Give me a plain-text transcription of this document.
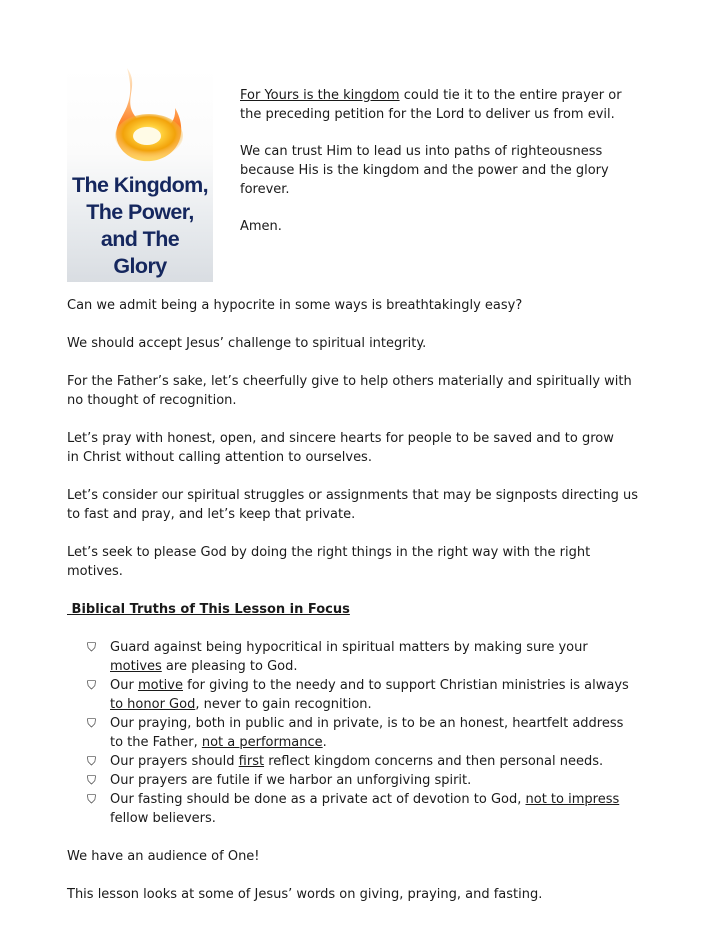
The Kingdom,
The Power,
and The
Glory

For Yours is the kingdom could tie it to the entire prayer or
the preceding petition for the Lord to deliver us from evil.

We can trust Him to lead us into paths of righteousness
because His is the kingdom and the power and the glory
forever.

Amen.

Can we admit being a hypocrite in some ways is breathtakingly easy?

We should accept Jesus’ challenge to spiritual integrity.

For the Father’s sake, let’s cheerfully give to help others materially and spiritually with
no thought of recognition.

Let’s pray with honest, open, and sincere hearts for people to be saved and to grow
in Christ without calling attention to ourselves.

Let’s consider our spiritual struggles or assignments that may be signposts directing us
to fast and pray, and let’s keep that private.

Let’s seek to please God by doing the right things in the right way with the right
motives.

Biblical Truths of This Lesson in Focus

⛉ Guard against being hypocritical in spiritual matters by making sure your
motives are pleasing to God.
⛉ Our motive for giving to the needy and to support Christian ministries is always
to honor God, never to gain recognition.
⛉ Our praying, both in public and in private, is to be an honest, heartfelt address
to the Father, not a performance.
⛉ Our prayers should first reflect kingdom concerns and then personal needs.
⛉ Our prayers are futile if we harbor an unforgiving spirit.
⛉ Our fasting should be done as a private act of devotion to God, not to impress
fellow believers.

We have an audience of One!

This lesson looks at some of Jesus’ words on giving, praying, and fasting.
